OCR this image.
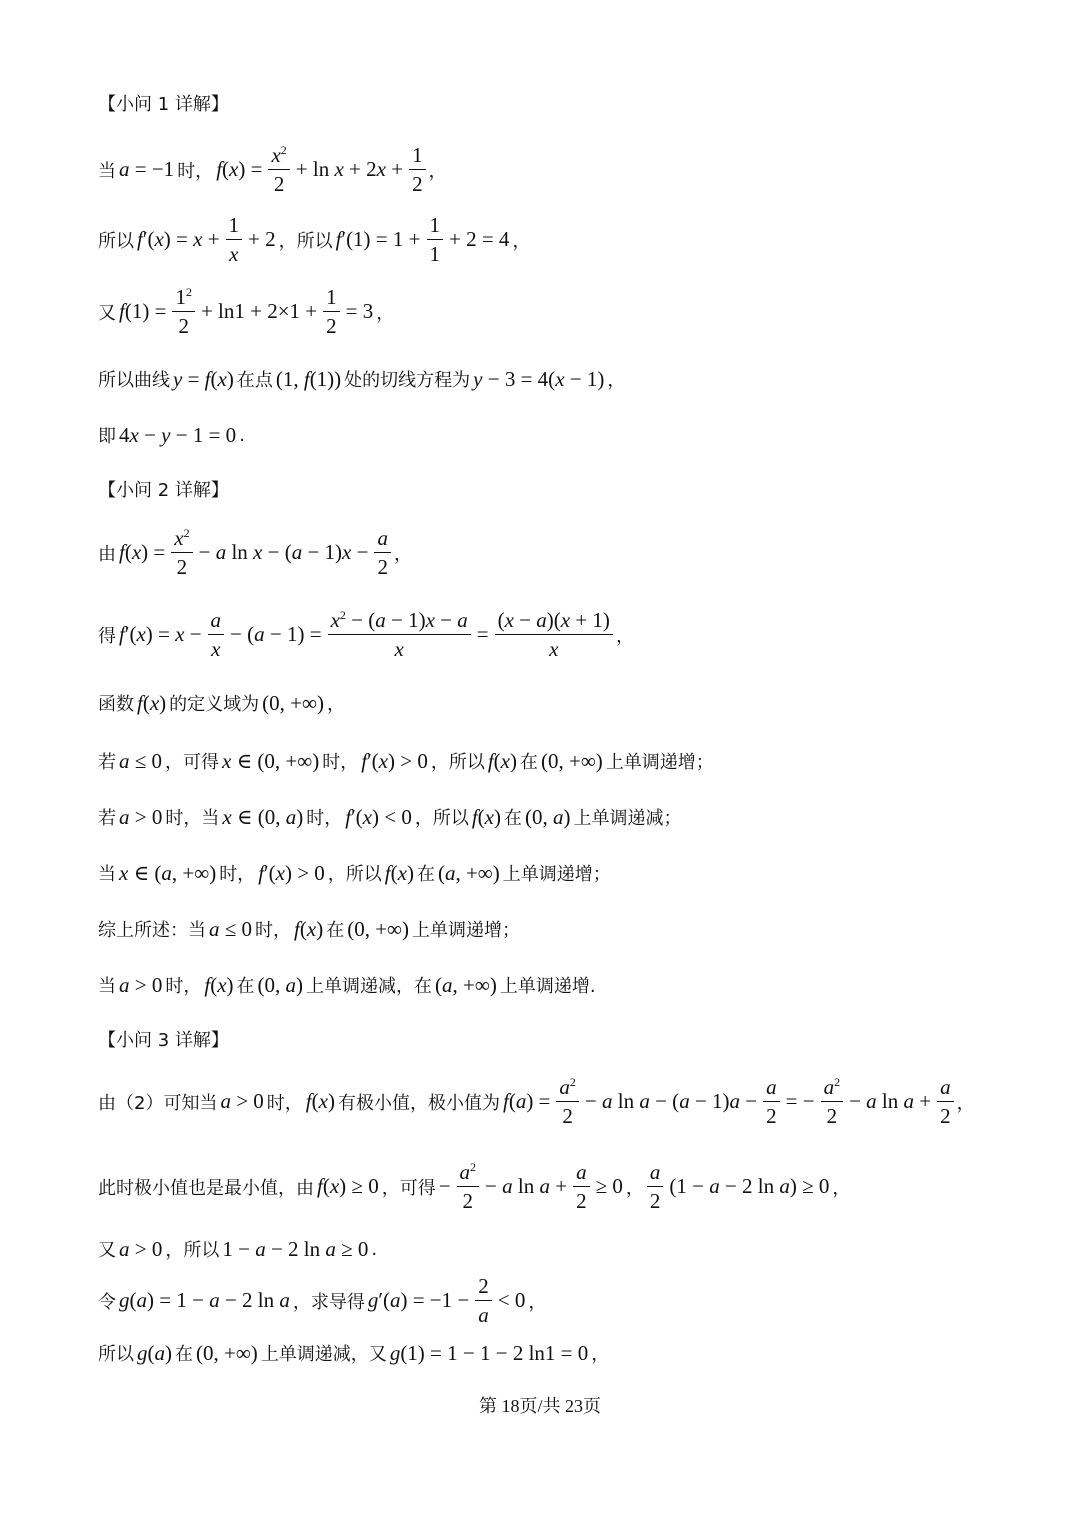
【小问 1 详解】
当 a = −1 时， $f(x) = \frac{x^2}{2} + \ln x + 2x + \frac{1}{2}$ ，
所以 $f'(x) = x + \frac{1}{x} + 2$ ，所以 $f'(1) = 1 + \frac{1}{1} + 2 = 4$ ，
又 $f(1) = \frac{1^2}{2} + \ln 1 + 2\times 1 + \frac{1}{2} = 3$ ，
所以曲线 y = f(x) 在点 (1, f(1)) 处的切线方程为 y − 3 = 4(x − 1) ，
即 4x − y − 1 = 0 .
【小问 2 详解】
由 $f(x) = \frac{x^2}{2} - a$ $\ln x - (a - 1)x - \frac{a}{2}$ ，
得 $f'(x) = x - \frac{a}{x} - (a - 1) = \frac{x^2 - (a - 1)x - a}{x} = \frac{(x - a)(x + 1)}{x}$ ，
函数 f(x) 的定义域为 (0, +∞) ，
若 a ≤ 0 ，可得 x ∈ (0, +∞) 时， f′(x) > 0 ，所以 f(x) 在 (0, +∞) 上单调递增；
若 a > 0 时， 当 x ∈ (0, a) 时， f′(x) < 0 ，所以 f(x) 在 (0, a) 上单调递减；
当 x ∈ (a, +∞) 时， f′(x) > 0 ，所以 f(x) 在 (a, +∞) 上单调递增；
综上所述：当 a ≤ 0 时， f(x) 在 (0, +∞) 上单调递增；
当 a > 0 时， f(x) 在 (0, a) 上单调递减，在 (a, +∞) 上单调递增.
【小问 3 详解】
由（2）可知当 a > 0 时， f(x) 有极小值，极小值为 $f(a) = \frac{a^2}{2} - a$ $\ln a - (a - 1)a - \frac{a}{2}$ = − $\frac{a^2}{2} - a$ $\ln a + \frac{a}{2}$ ，
此时极小值也是最小值，由 f(x) ≥ 0 ，可得 − $\frac{a^2}{2} - a$ $\ln a + \frac{a}{2} \ge 0$ ， $\frac{a}{2} (1 - a - 2$ ln a) ≥ 0 ，
又 a > 0 ，所以 1 − a − 2 ln a ≥ 0 .
令 g(a) = 1 − a − 2 ln a ，求导得 $g'(a) = -1 - \frac{2}{a} < 0$ ，
所以 g(a) 在 (0, +∞) 上单调递减，又 g(1) = 1 − 1 − 2 ln1 = 0 ，
第 18页/共 23页
